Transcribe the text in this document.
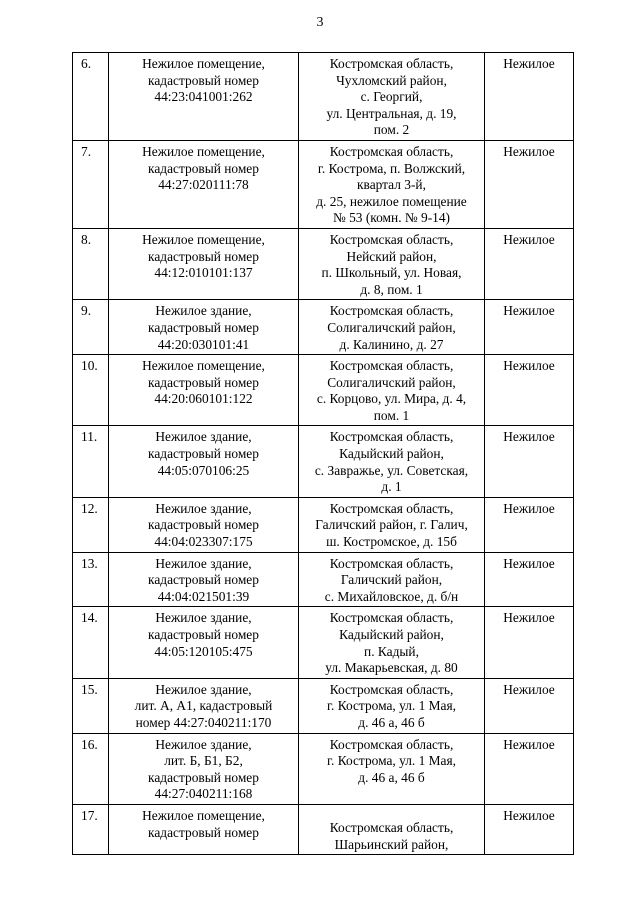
3
6.	Нежилое помещение,
кадастровый номер
44:23:041001:262	Костромская область,
Чухломский район,
с. Георгий,
ул. Центральная, д. 19,
пом. 2	Нежилое
7.	Нежилое помещение,
кадастровый номер
44:27:020111:78	Костромская область,
г. Кострома, п. Волжский,
квартал 3-й,
д. 25, нежилое помещение
№ 53 (комн. № 9-14)	Нежилое
8.	Нежилое помещение,
кадастровый номер
44:12:010101:137	Костромская область,
Нейский район,
п. Школьный, ул. Новая,
д. 8, пом. 1	Нежилое
9.	Нежилое здание,
кадастровый номер
44:20:030101:41	Костромская область,
Солигаличский район,
д. Калинино, д. 27	Нежилое
10.	Нежилое помещение,
кадастровый номер
44:20:060101:122	Костромская область,
Солигаличский район,
с. Корцово, ул. Мира, д. 4,
пом. 1	Нежилое
11.	Нежилое здание,
кадастровый номер
44:05:070106:25	Костромская область,
Кадыйский район,
с. Завражье, ул. Советская,
д. 1	Нежилое
12.	Нежилое здание,
кадастровый номер
44:04:023307:175	Костромская область,
Галичский район, г. Галич,
ш. Костромское, д. 15б	Нежилое
13.	Нежилое здание,
кадастровый номер
44:04:021501:39	Костромская область,
Галичский район,
с. Михайловское, д. б/н	Нежилое
14.	Нежилое здание,
кадастровый номер
44:05:120105:475	Костромская область,
Кадыйский район,
п. Кадый,
ул. Макарьевская, д. 80	Нежилое
15.	Нежилое здание,
лит. А, А1, кадастровый
номер 44:27:040211:170	Костромская область,
г. Кострома, ул. 1 Мая,
д. 46 а, 46 б	Нежилое
16.	Нежилое здание,
лит. Б, Б1, Б2,
кадастровый номер
44:27:040211:168	Костромская область,
г. Кострома, ул. 1 Мая,
д. 46 а, 46 б	Нежилое
17.	Нежилое помещение,
кадастровый номер	Костромская область,
Шарьинский район,	Нежилое
